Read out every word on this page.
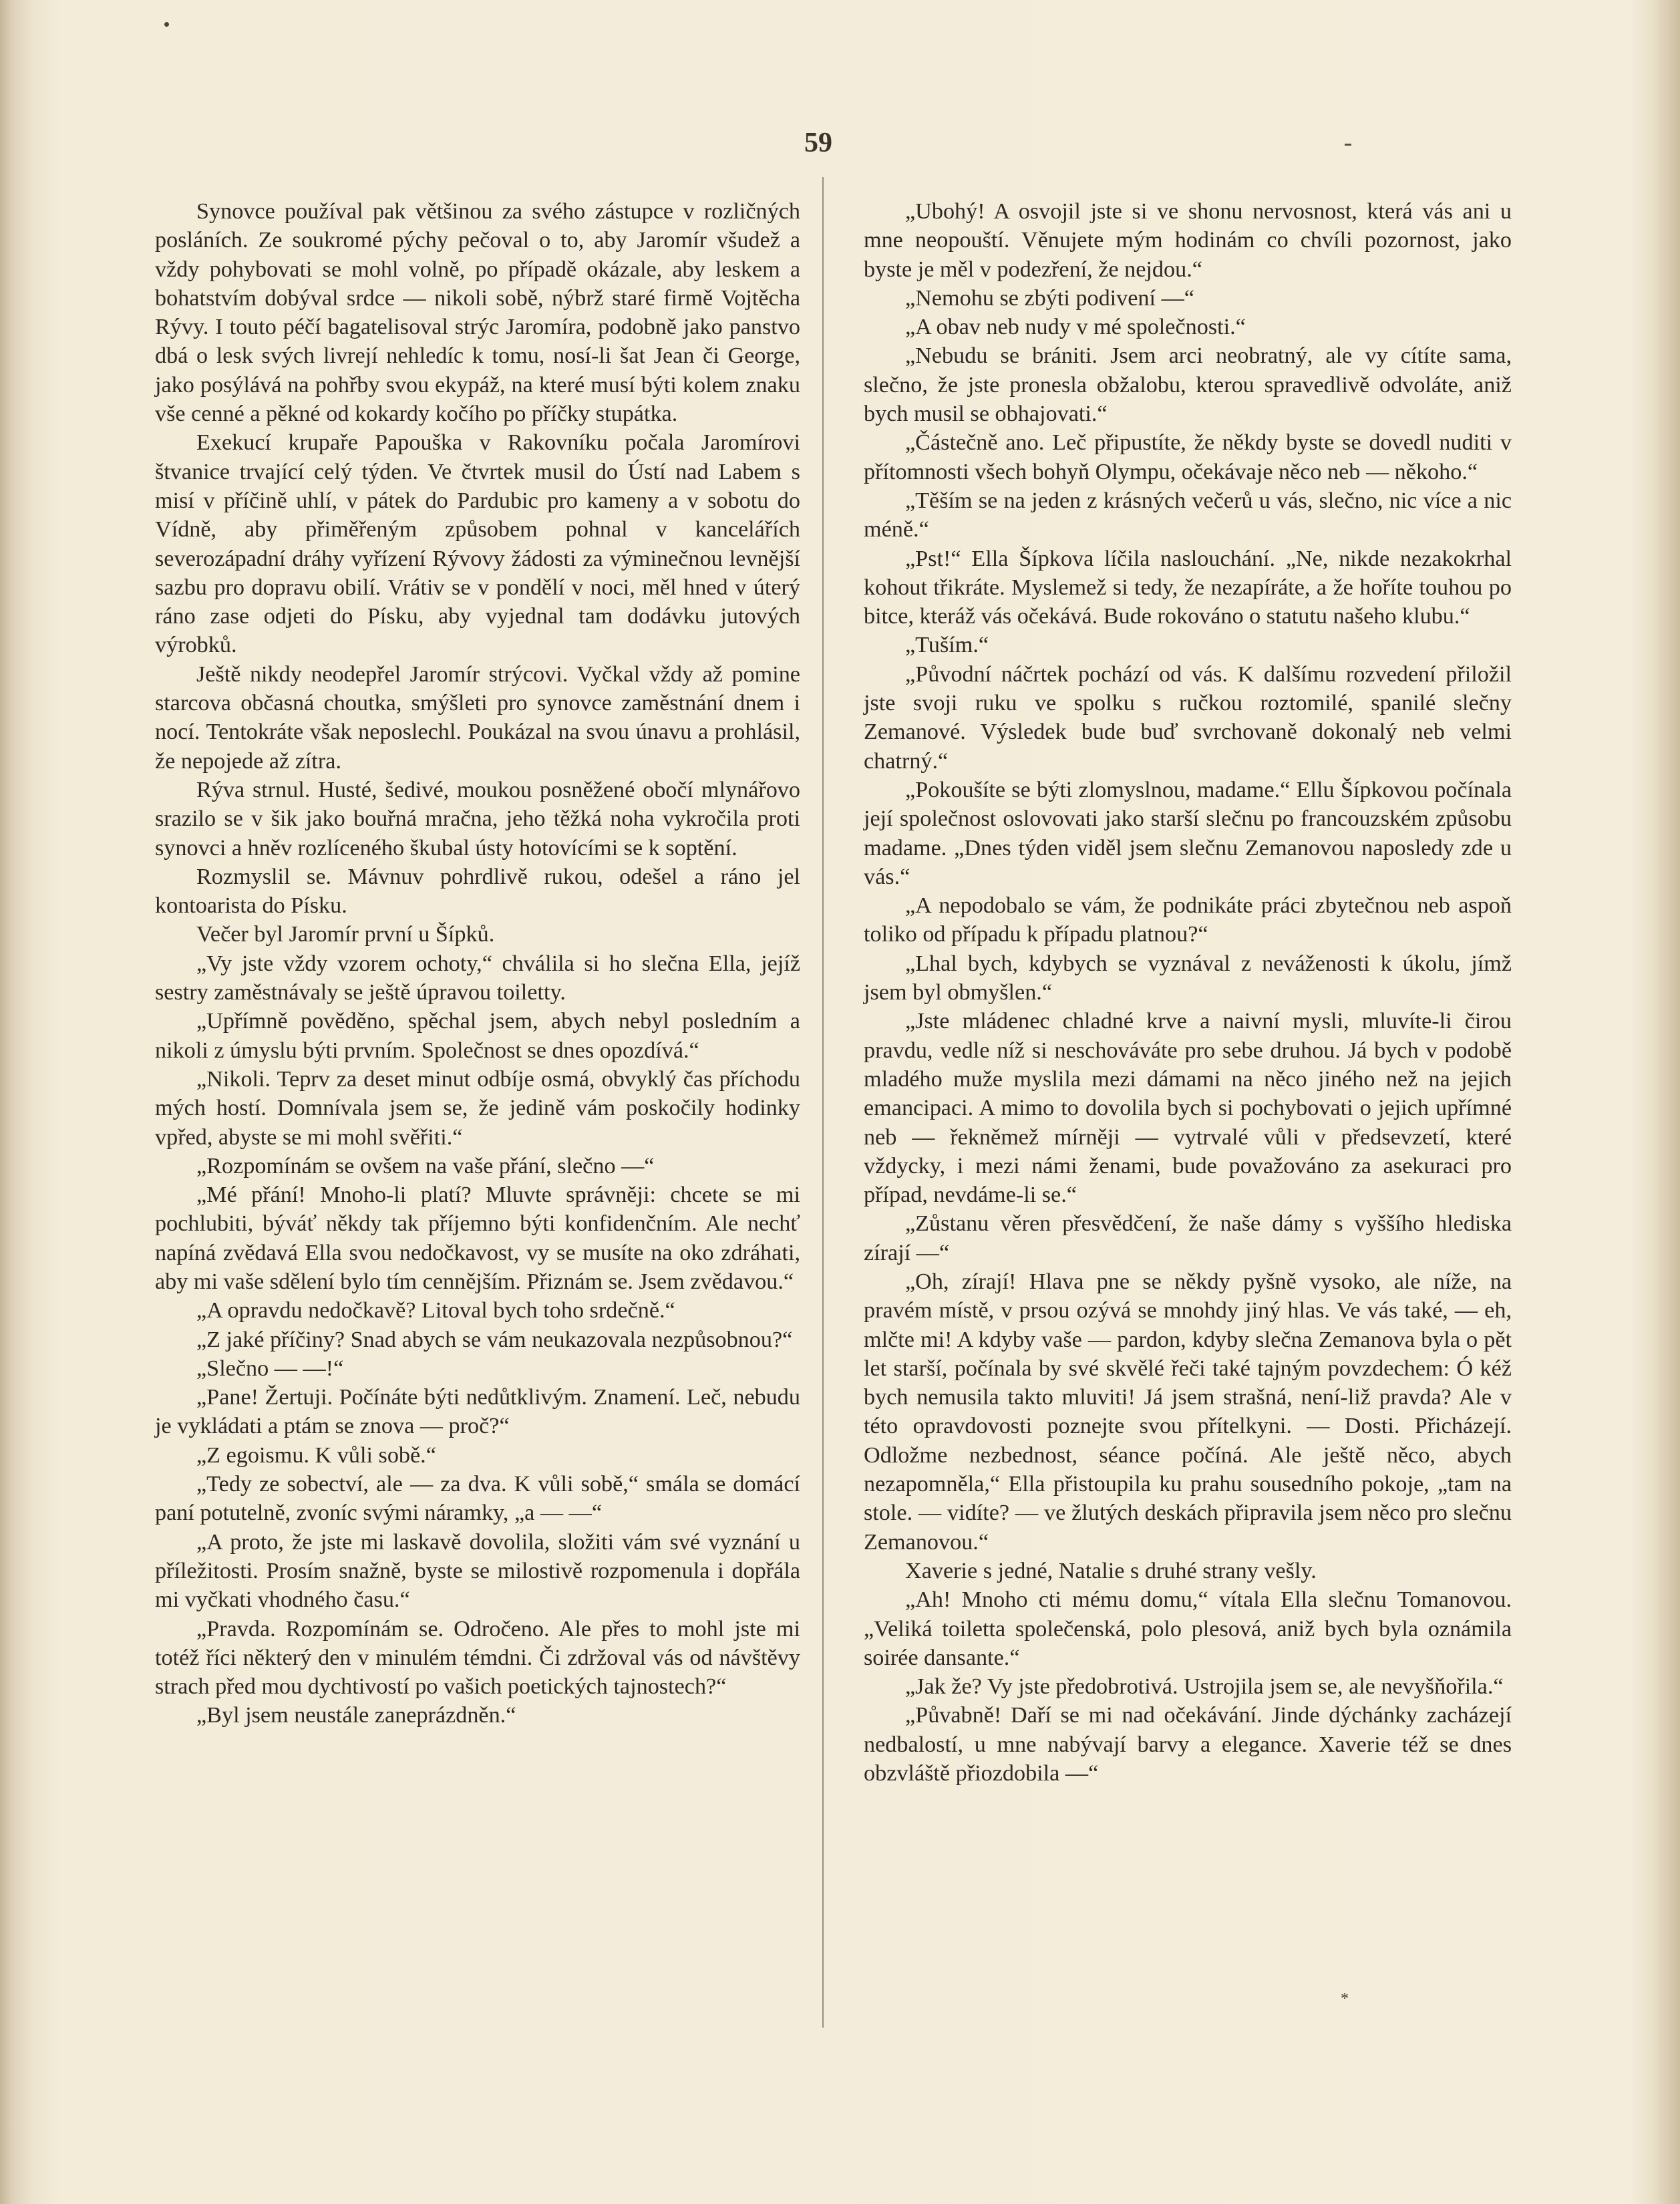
59

Synovce používal pak většinou za svého zástupce v rozličných posláních. Ze soukromé pýchy pečoval o to, aby Jaromír všudež a vždy pohybovati se mohl volně, po případě okázale, aby leskem a bohatstvím dobýval srdce — nikoli sobě, nýbrž staré firmě Vojtěcha Rývy. I touto péčí bagatelisoval strýc Jaromíra, podobně jako panstvo dbá o lesk svých livrejí nehledíc k tomu, nosí-li šat Jean či George, jako posýlává na pohřby svou ekypáž, na které musí býti kolem znaku vše cenné a pěkné od kokardy kočího po příčky stupátka.

Exekucí krupaře Papouška v Rakovníku počala Jaromírovi štvanice trvající celý týden. Ve čtvrtek musil do Ústí nad Labem s misí v příčině uhlí, v pátek do Pardubic pro kameny a v sobotu do Vídně, aby přiměřeným způsobem pohnal v kancelářích severozápadní dráhy vyřízení Rývovy žádosti za výminečnou levnější sazbu pro dopravu obilí. Vrátiv se v pondělí v noci, měl hned v úterý ráno zase odjeti do Písku, aby vyjednal tam dodávku jutových výrobků.

Ještě nikdy neodepřel Jaromír strýcovi. Vyčkal vždy až pomine starcova občasná choutka, smýšleti pro synovce zaměstnání dnem i nocí. Tentokráte však neposlechl. Poukázal na svou únavu a prohlásil, že nepojede až zítra.

Rýva strnul. Husté, šedivé, moukou posněžené obočí mlynářovo srazilo se v šik jako bouřná mračna, jeho těžká noha vykročila proti synovci a hněv rozlíceného škubal ústy hotovícími se k soptění.

Rozmyslil se. Mávnuv pohrdlivě rukou, odešel a ráno jel kontoarista do Písku.

Večer byl Jaromír první u Šípků.

„Vy jste vždy vzorem ochoty,“ chválila si ho slečna Ella, jejíž sestry zaměstnávaly se ještě úpravou toiletty.

„Upřímně pověděno, spěchal jsem, abych nebyl posledním a nikoli z úmyslu býti prvním. Společnost se dnes opozdívá.“

„Nikoli. Teprv za deset minut odbíje osmá, obvyklý čas příchodu mých hostí. Domnívala jsem se, že jedině vám poskočily hodinky vpřed, abyste se mi mohl svěřiti.“

„Rozpomínám se ovšem na vaše přání, slečno —“

„Mé přání! Mnoho-li platí? Mluvte správněji: chcete se mi pochlubiti, býváť někdy tak příjemno býti konfidenčním. Ale nechť napíná zvědavá Ella svou nedočkavost, vy se musíte na oko zdráhati, aby mi vaše sdělení bylo tím cennějším. Přiznám se. Jsem zvědavou.“

„A opravdu nedočkavě? Litoval bych toho srdečně.“

„Z jaké příčiny? Snad abych se vám neukazovala nezpůsobnou?“

„Slečno — —!“

„Pane! Žertuji. Počínáte býti nedůtklivým. Znamení. Leč, nebudu je vykládati a ptám se znova — proč?“

„Z egoismu. K vůli sobě.“

„Tedy ze sobectví, ale — za dva. K vůli sobě,“ smála se domácí paní potutelně, zvoníc svými náramky, „a — —“

„A proto, že jste mi laskavě dovolila, složiti vám své vyznání u příležitosti. Prosím snažně, byste se milostivě rozpomenula i dopřála mi vyčkati vhodného času.“

„Pravda. Rozpomínám se. Odročeno. Ale přes to mohl jste mi totéž říci některý den v minulém témdni. Či zdržoval vás od návštěvy strach před mou dychtivostí po vašich poetických tajnostech?“

„Byl jsem neustále zaneprázdněn.“

„Ubohý! A osvojil jste si ve shonu nervosnost, která vás ani u mne neopouští. Věnujete mým hodinám co chvíli pozornost, jako byste je měl v podezření, že nejdou.“

„Nemohu se zbýti podivení —“

„A obav neb nudy v mé společnosti.“

„Nebudu se brániti. Jsem arci neobratný, ale vy cítíte sama, slečno, že jste pronesla obžalobu, kterou spravedlivě odvoláte, aniž bych musil se obhajovati.“

„Částečně ano. Leč připustíte, že někdy byste se dovedl nuditi v přítomnosti všech bohyň Olympu, očekávaje něco neb — někoho.“

„Těším se na jeden z krásných večerů u vás, slečno, nic více a nic méně.“

„Pst!“ Ella Šípkova líčila naslouchání. „Ne, nikde nezakokrhal kohout třikráte. Myslemež si tedy, že nezapíráte, a že hoříte touhou po bitce, kteráž vás očekává. Bude rokováno o statutu našeho klubu.“

„Tuším.“

„Původní náčrtek pochází od vás. K dalšímu rozvedení přiložil jste svoji ruku ve spolku s ručkou roztomilé, spanilé slečny Zemanové. Výsledek bude buď svrchovaně dokonalý neb velmi chatrný.“

„Pokoušíte se býti zlomyslnou, madame.“ Ellu Šípkovou počínala její společnost oslovovati jako starší slečnu po francouzském způsobu madame. „Dnes týden viděl jsem slečnu Zemanovou naposledy zde u vás.“

„A nepodobalo se vám, že podnikáte práci zbytečnou neb aspoň toliko od případu k případu platnou?“

„Lhal bych, kdybych se vyznával z neváženosti k úkolu, jímž jsem byl obmyšlen.“

„Jste mládenec chladné krve a naivní mysli, mluvíte-li čirou pravdu, vedle níž si neschováváte pro sebe druhou. Já bych v podobě mladého muže myslila mezi dámami na něco jiného než na jejich emancipaci. A mimo to dovolila bych si pochybovati o jejich upřímné neb — řekněmež mírněji — vytrvalé vůli v předsevzetí, které vždycky, i mezi námi ženami, bude považováno za asekuraci pro případ, nevdáme-li se.“

„Zůstanu věren přesvědčení, že naše dámy s vyššího hlediska zírají —“

„Oh, zírají! Hlava pne se někdy pyšně vysoko, ale níže, na pravém místě, v prsou ozývá se mnohdy jiný hlas. Ve vás také, — eh, mlčte mi! A kdyby vaše — pardon, kdyby slečna Zemanova byla o pět let starší, počínala by své skvělé řeči také tajným povzdechem: Ó kéž bych nemusila takto mluviti! Já jsem strašná, není-liž pravda? Ale v této opravdovosti poznejte svou přítelkyni. — Dosti. Přicházejí. Odložme nezbednost, séance počíná. Ale ještě něco, abych nezapomněla,“ Ella přistoupila ku prahu sousedního pokoje, „tam na stole. — vidíte? — ve žlutých deskách připravila jsem něco pro slečnu Zemanovou.“

Xaverie s jedné, Natalie s druhé strany vešly.

„Ah! Mnoho cti mému domu,“ vítala Ella slečnu Tomanovou. „Veliká toiletta společenská, polo plesová, aniž bych byla oznámila soirée dansante.“

„Jak že? Vy jste předobrotivá. Ustrojila jsem se, ale nevyšňořila.“

„Půvabně! Daří se mi nad očekávání. Jinde dýchánky zacházejí nedbalostí, u mne nabývají barvy a elegance. Xaverie též se dnes obzvláště přiozdobila —“

*
